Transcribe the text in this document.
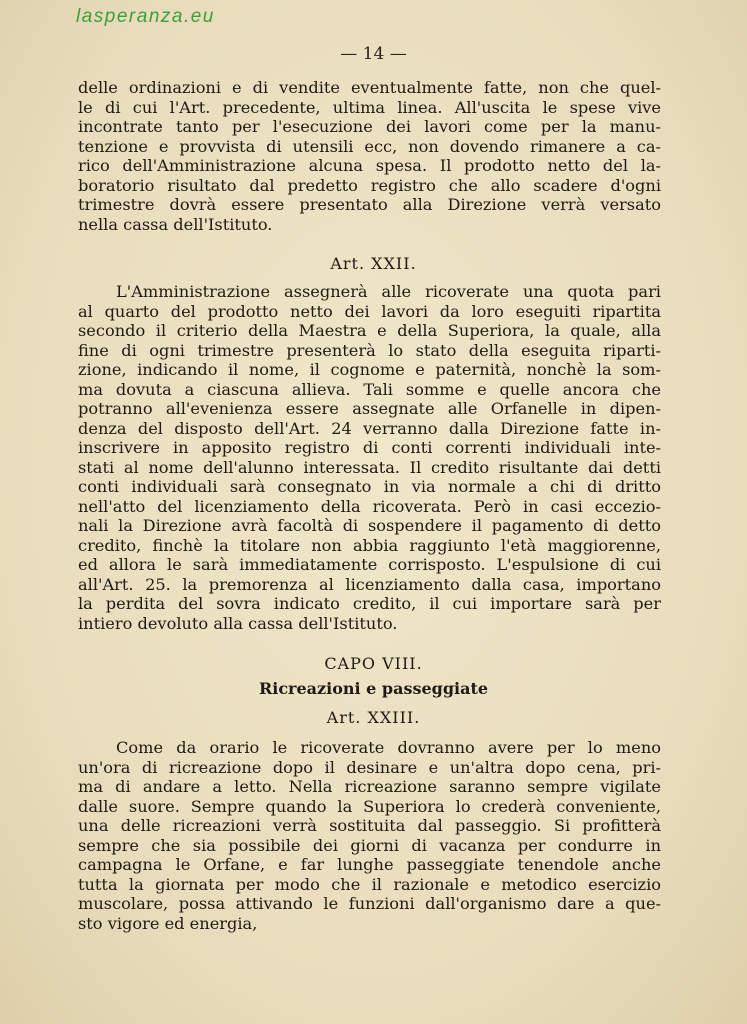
lasperanza.eu
— 14 —
delle ordinazioni e di vendite eventualmente fatte, non che quel-
le di cui l'Art. precedente, ultima linea. All'uscita le spese vive
incontrate tanto per l'esecuzione dei lavori come per la manu-
tenzione e provvista di utensili ecc, non dovendo rimanere a ca-
rico dell'Amministrazione alcuna spesa. Il prodotto netto del la-
boratorio risultato dal predetto registro che allo scadere d'ogni
trimestre dovrà essere presentato alla Direzione verrà versato
nella cassa dell'Istituto.
Art. XXII.
L'Amministrazione assegnerà alle ricoverate una quota pari
al quarto del prodotto netto dei lavori da loro eseguiti ripartita
secondo il criterio della Maestra e della Superiora, la quale, alla
fine di ogni trimestre presenterà lo stato della eseguita riparti-
zione, indicando il nome, il cognome e paternità, nonchè la som-
ma dovuta a ciascuna allieva. Tali somme e quelle ancora che
potranno all'evenienza essere assegnate alle Orfanelle in dipen-
denza del disposto dell'Art. 24 verranno dalla Direzione fatte in-
inscrivere in apposito registro di conti correnti individuali inte-
stati al nome dell'alunno interessata. Il credito risultante dai detti
conti individuali sarà consegnato in via normale a chi di dritto
nell'atto del licenziamento della ricoverata. Però in casi eccezio-
nali la Direzione avrà facoltà di sospendere il pagamento di detto
credito, finchè la titolare non abbia raggiunto l'età maggiorenne,
ed allora le sarà immediatamente corrisposto. L'espulsione di cui
all'Art. 25. la premorenza al licenziamento dalla casa, importano
la perdita del sovra indicato credito, il cui importare sarà per
intiero devoluto alla cassa dell'Istituto.
CAPO VIII.
Ricreazioni e passeggiate
Art. XXIII.
Come da orario le ricoverate dovranno avere per lo meno
un'ora di ricreazione dopo il desinare e un'altra dopo cena, pri-
ma di andare a letto. Nella ricreazione saranno sempre vigilate
dalle suore. Sempre quando la Superiora lo crederà conveniente,
una delle ricreazioni verrà sostituita dal passeggio. Si profitterà
sempre che sia possibile dei giorni di vacanza per condurre in
campagna le Orfane, e far lunghe passeggiate tenendole anche
tutta la giornata per modo che il razionale e metodico esercizio
muscolare, possa attivando le funzioni dall'organismo dare a que-
sto vigore ed energia,
